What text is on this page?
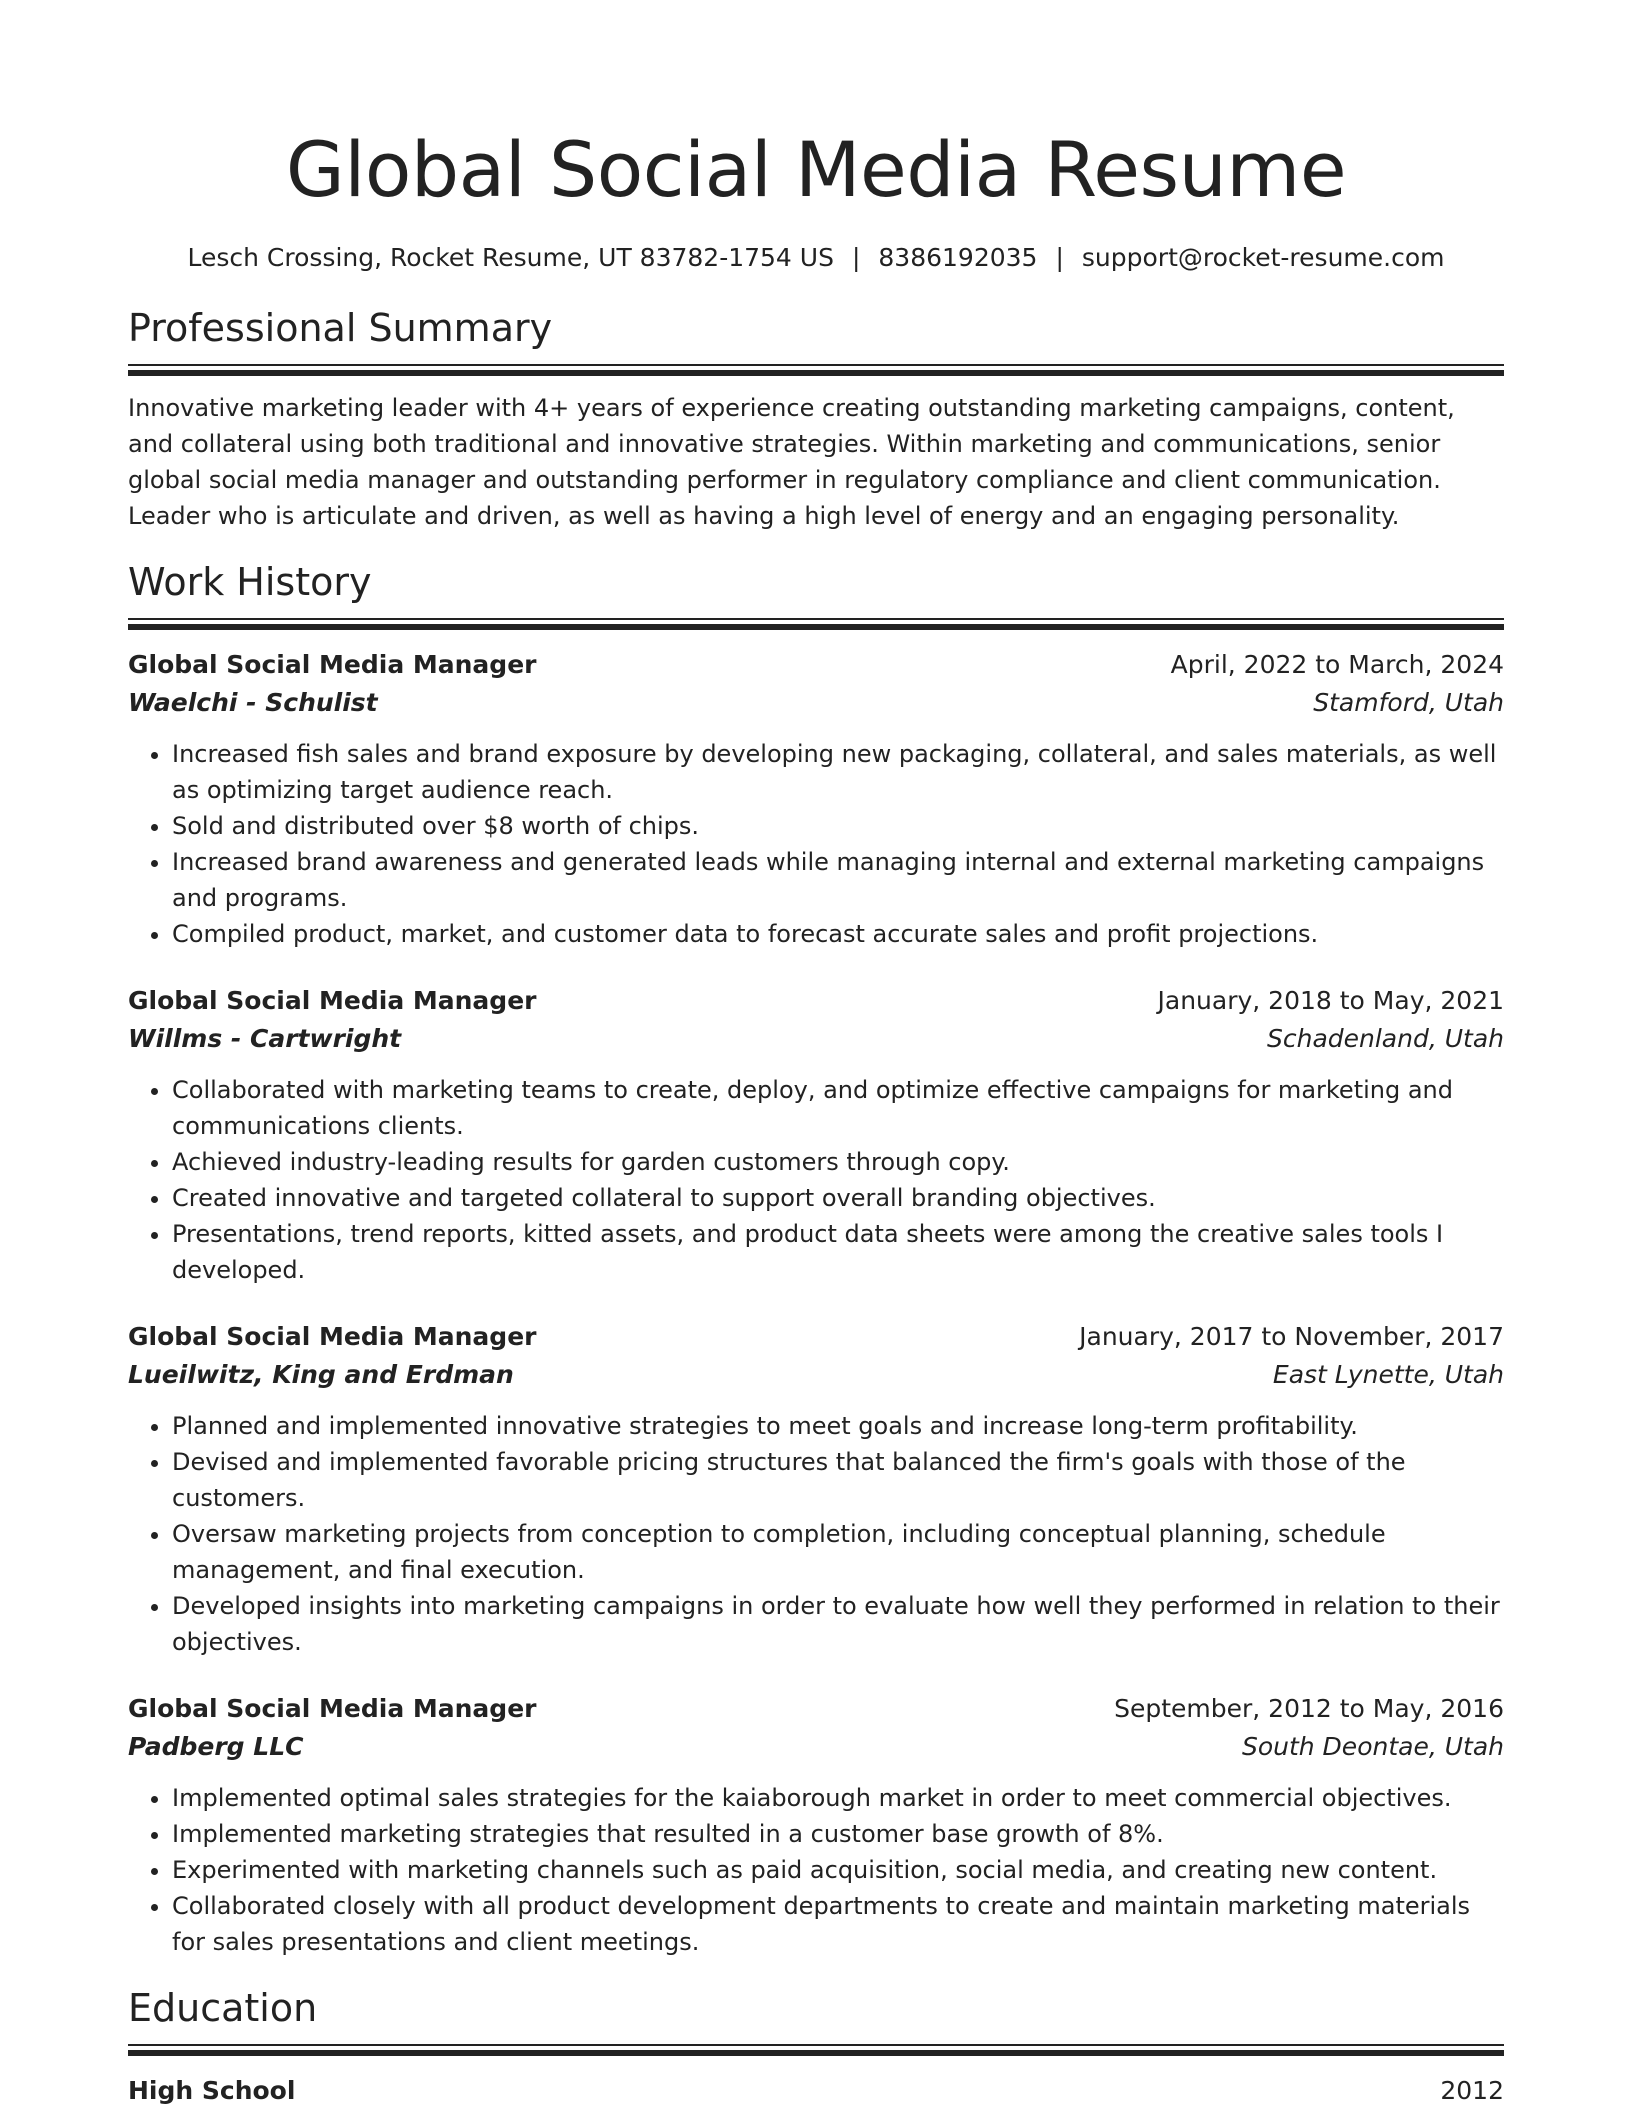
Global Social Media Resume
Lesch Crossing, Rocket Resume, UT 83782-1754 US | 8386192035 | support@rocket-resume.com
Professional Summary

Innovative marketing leader with 4+ years of experience creating outstanding marketing campaigns, content, and collateral using both traditional and innovative strategies. Within marketing and communications, senior global social media manager and outstanding performer in regulatory compliance and client communication. Leader who is articulate and driven, as well as having a high level of energy and an engaging personality.

Work History
Global Social Media Manager	April, 2022 to March, 2024
Waelchi - Schulist	Stamford, Utah
• Increased fish sales and brand exposure by developing new packaging, collateral, and sales materials, as well as optimizing target audience reach.
• Sold and distributed over $8 worth of chips.
• Increased brand awareness and generated leads while managing internal and external marketing campaigns and programs.
• Compiled product, market, and customer data to forecast accurate sales and profit projections.
Global Social Media Manager	January, 2018 to May, 2021
Willms - Cartwright	Schadenland, Utah
• Collaborated with marketing teams to create, deploy, and optimize effective campaigns for marketing and communications clients.
• Achieved industry-leading results for garden customers through copy.
• Created innovative and targeted collateral to support overall branding objectives.
• Presentations, trend reports, kitted assets, and product data sheets were among the creative sales tools I developed.
Global Social Media Manager	January, 2017 to November, 2017
Lueilwitz, King and Erdman	East Lynette, Utah
• Planned and implemented innovative strategies to meet goals and increase long-term profitability.
• Devised and implemented favorable pricing structures that balanced the firm's goals with those of the customers.
• Oversaw marketing projects from conception to completion, including conceptual planning, schedule management, and final execution.
• Developed insights into marketing campaigns in order to evaluate how well they performed in relation to their objectives.
Global Social Media Manager	September, 2012 to May, 2016
Padberg LLC	South Deontae, Utah
• Implemented optimal sales strategies for the kaiaborough market in order to meet commercial objectives.
• Implemented marketing strategies that resulted in a customer base growth of 8%.
• Experimented with marketing channels such as paid acquisition, social media, and creating new content.
• Collaborated closely with all product development departments to create and maintain marketing materials for sales presentations and client meetings.
Education
High School	2012
